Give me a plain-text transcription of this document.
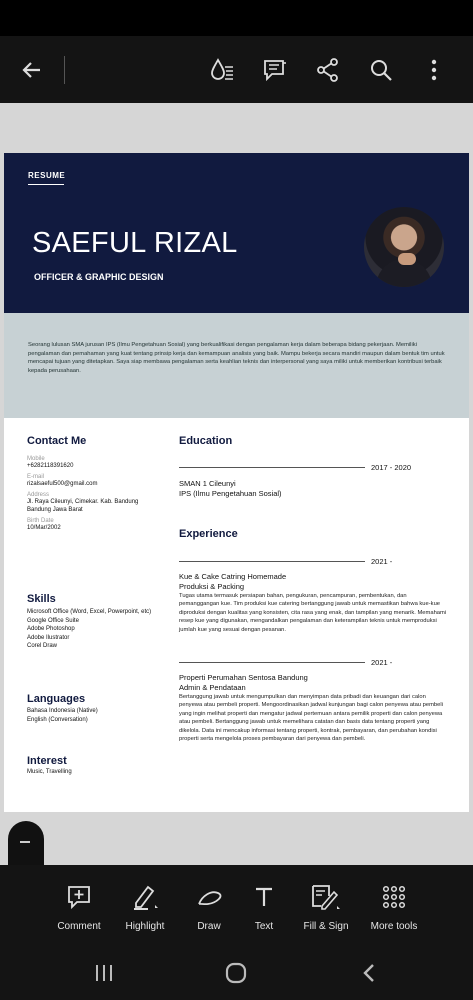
RESUME
SAEFUL RIZAL
OFFICER & GRAPHIC DESIGN
Seorang lulusan SMA jurusan IPS (Ilmu Pengetahuan Sosial) yang berkualifikasi dengan pengalaman kerja dalam beberapa bidang pekerjaan. Memiliki pengalaman dan pemahaman yang kuat tentang prinsip kerja dan kemampuan analisis yang baik. Mampu bekerja secara mandiri maupun dalam bentuk tim untuk mencapai tujuan yang ditetapkan. Saya siap membawa pengalaman serta keahlian teknis dan interpersonal yang saya miliki untuk memberikan kontribusi terbaik kepada perusahaan.
Contact Me
Mobile
+6282118391620
E-mail
rizalsaeful500@gmail.com
Address
Jl. Raya Cileunyi, Cimekar. Kab. Bandung Bandung Jawa Barat
Birth Date
10/Mar/2002
Skills
Microsoft Office (Word, Excel, Powerpoint, etc)
Google Office Suite
Adobe Photoshop
Adobe Ilustrator
Corel Draw
Languages
Bahasa Indonesia (Native)
English (Conversation)
Interest
Music, Travelling
Education
2017 - 2020
SMAN 1 Cileunyi
IPS (Ilmu Pengetahuan Sosial)
Experience
2021 -
Kue & Cake Catring Homemade
Produksi & Packing
Tugas utama termasuk persiapan bahan, pengukuran, pencampuran, pembentukan, dan pemanggangan kue. Tim produksi kue catering bertanggung jawab untuk memastikan bahwa kue-kue diproduksi dengan kualitas yang konsisten, cita rasa yang enak, dan tampilan yang menarik. Memahami resep kue yang digunakan, mengandalkan pengalaman dan keterampilan teknis untuk memproduksi jumlah kue yang sesuai dengan pesanan.
2021 -
Properti Perumahan Sentosa Bandung
Admin & Pendataan
Bertanggung jawab untuk mengumpulkan dan menyimpan data pribadi dan keuangan dari calon penyewa atau pembeli properti. Mengoordinasikan jadwal kunjungan bagi calon penyewa atau pembeli yang ingin melihat properti dan mengatur jadwal pertemuan antara pemilik properti dan calon penyewa atau pembeli. Bertanggung jawab untuk memelihara catatan dan basis data tentang properti yang dikelola. Data ini mencakup informasi tentang properti, kontrak, pembayaran, dan perubahan kondisi properti serta mengelola proses pembayaran dari penyewa dan pembeli.
Comment	Highlight	Draw	Text	Fill & Sign	More tools
